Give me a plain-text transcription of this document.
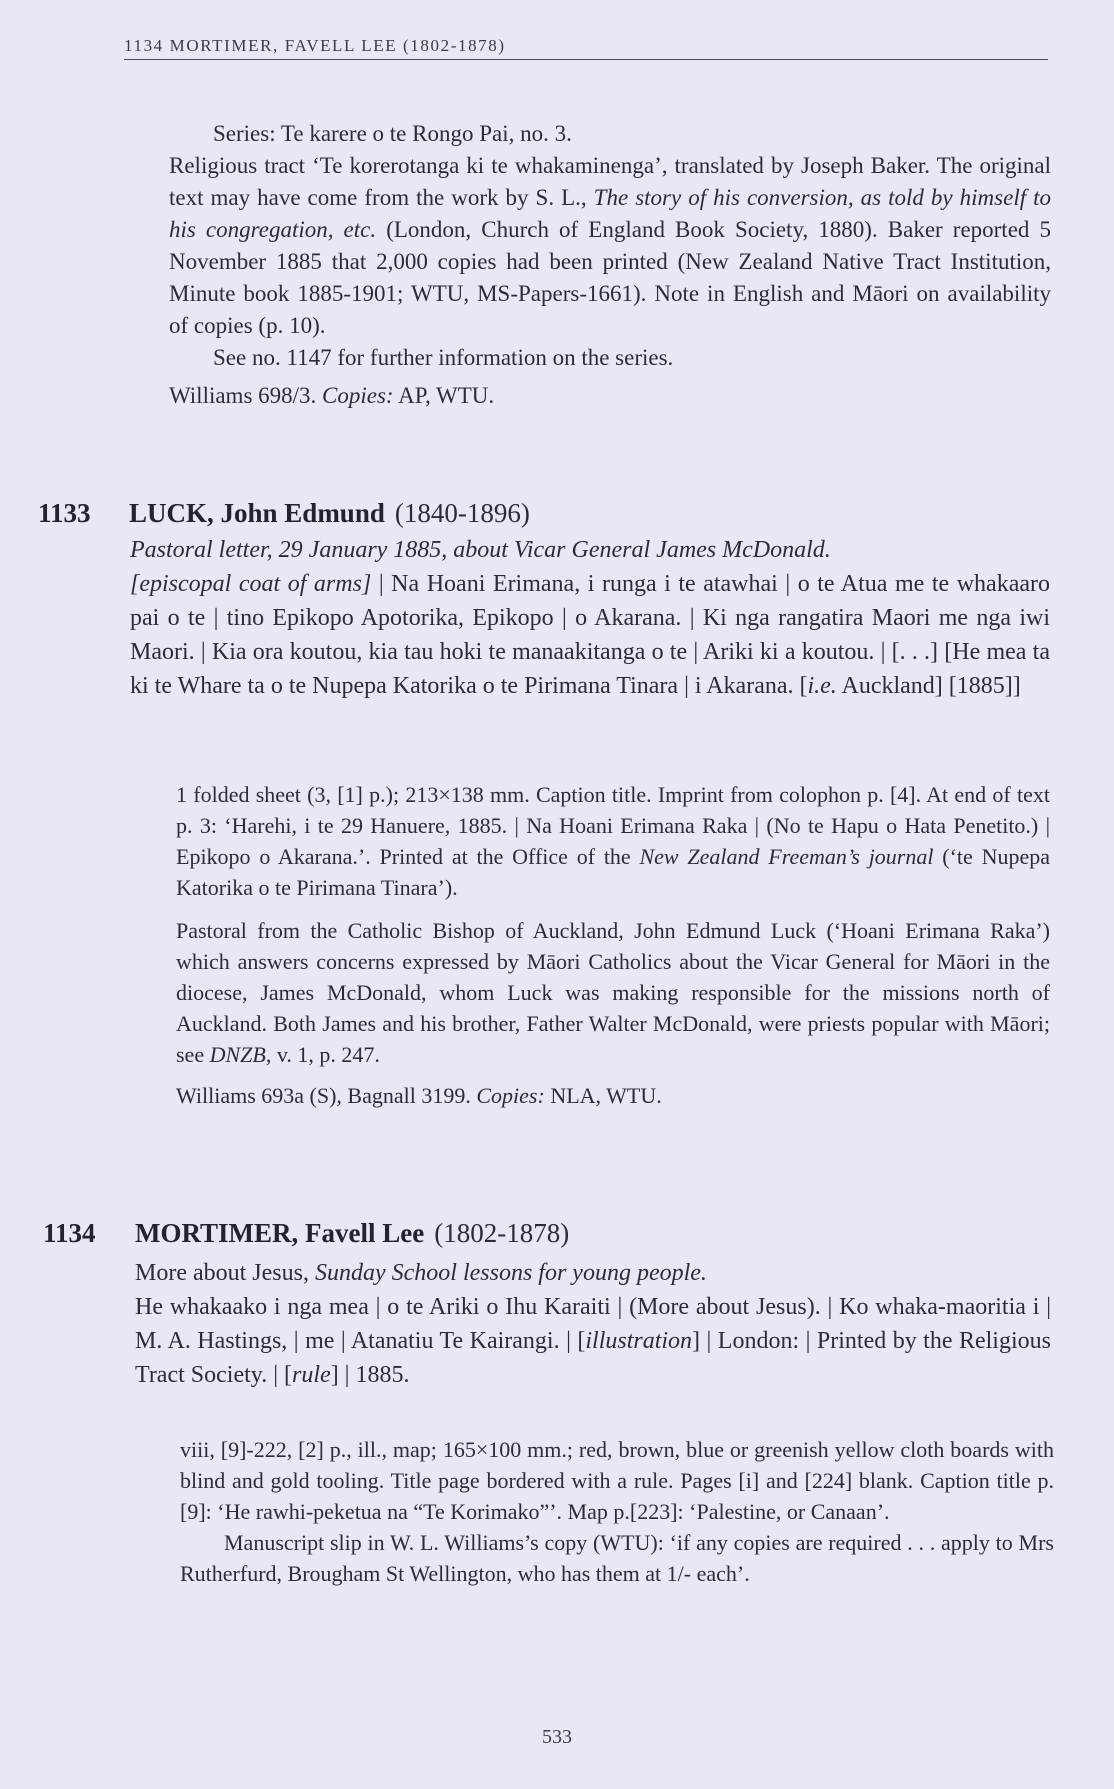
1134 MORTIMER, FAVELL LEE (1802-1878)

Series: Te karere o te Rongo Pai, no. 3.

Religious tract ‘Te korerotanga ki te whakaminenga’, translated by Joseph Baker. The original text may have come from the work by S. L., The story of his conversion, as told by himself to his congregation, etc. (London, Church of England Book Society, 1880). Baker reported 5 November 1885 that 2,000 copies had been printed (New Zealand Native Tract Institution, Minute book 1885-1901; WTU, MS-Papers-1661). Note in English and Māori on availability of copies (p. 10).

See no. 1147 for further information on the series.

Williams 698/3. Copies: AP, WTU.

1133 LUCK, John Edmund (1840-1896)

Pastoral letter, 29 January 1885, about Vicar General James McDonald.

[episcopal coat of arms] | Na Hoani Erimana, i runga i te atawhai | o te Atua me te whakaaro pai o te | tino Epikopo Apotorika, Epikopo | o Akarana. | Ki nga rangatira Maori me nga iwi Maori. | Kia ora koutou, kia tau hoki te manaakitanga o te | Ariki ki a koutou. | [. . .] [He mea ta ki te Whare ta o te Nupepa Katorika o te Pirimana Tinara | i Akarana. [i.e. Auckland] [1885]]

1 folded sheet (3, [1] p.); 213×138 mm. Caption title. Imprint from colophon p. [4]. At end of text p. 3: ‘Harehi, i te 29 Hanuere, 1885. | Na Hoani Erimana Raka | (No te Hapu o Hata Penetito.) | Epikopo o Akarana.’. Printed at the Office of the New Zealand Freeman’s journal (‘te Nupepa Katorika o te Pirimana Tinara’).

Pastoral from the Catholic Bishop of Auckland, John Edmund Luck (‘Hoani Erimana Raka’) which answers concerns expressed by Māori Catholics about the Vicar General for Māori in the diocese, James McDonald, whom Luck was making responsible for the missions north of Auckland. Both James and his brother, Father Walter McDonald, were priests popular with Māori; see DNZB, v. 1, p. 247.

Williams 693a (S), Bagnall 3199. Copies: NLA, WTU.

1134 MORTIMER, Favell Lee (1802-1878)

More about Jesus, Sunday School lessons for young people.

He whakaako i nga mea | o te Ariki o Ihu Karaiti | (More about Jesus). | Ko whaka-maoritia i | M. A. Hastings, | me | Atanatiu Te Kairangi. | [illustration] | London: | Printed by the Religious Tract Society. | [rule] | 1885.

viii, [9]-222, [2] p., ill., map; 165×100 mm.; red, brown, blue or greenish yellow cloth boards with blind and gold tooling. Title page bordered with a rule. Pages [i] and [224] blank. Caption title p. [9]: ‘He rawhi-peketua na “Te Korimako”’. Map p.[223]: ‘Palestine, or Canaan’.

Manuscript slip in W. L. Williams’s copy (WTU): ‘if any copies are required . . . apply to Mrs Rutherfurd, Brougham St Wellington, who has them at 1/- each’.

533
